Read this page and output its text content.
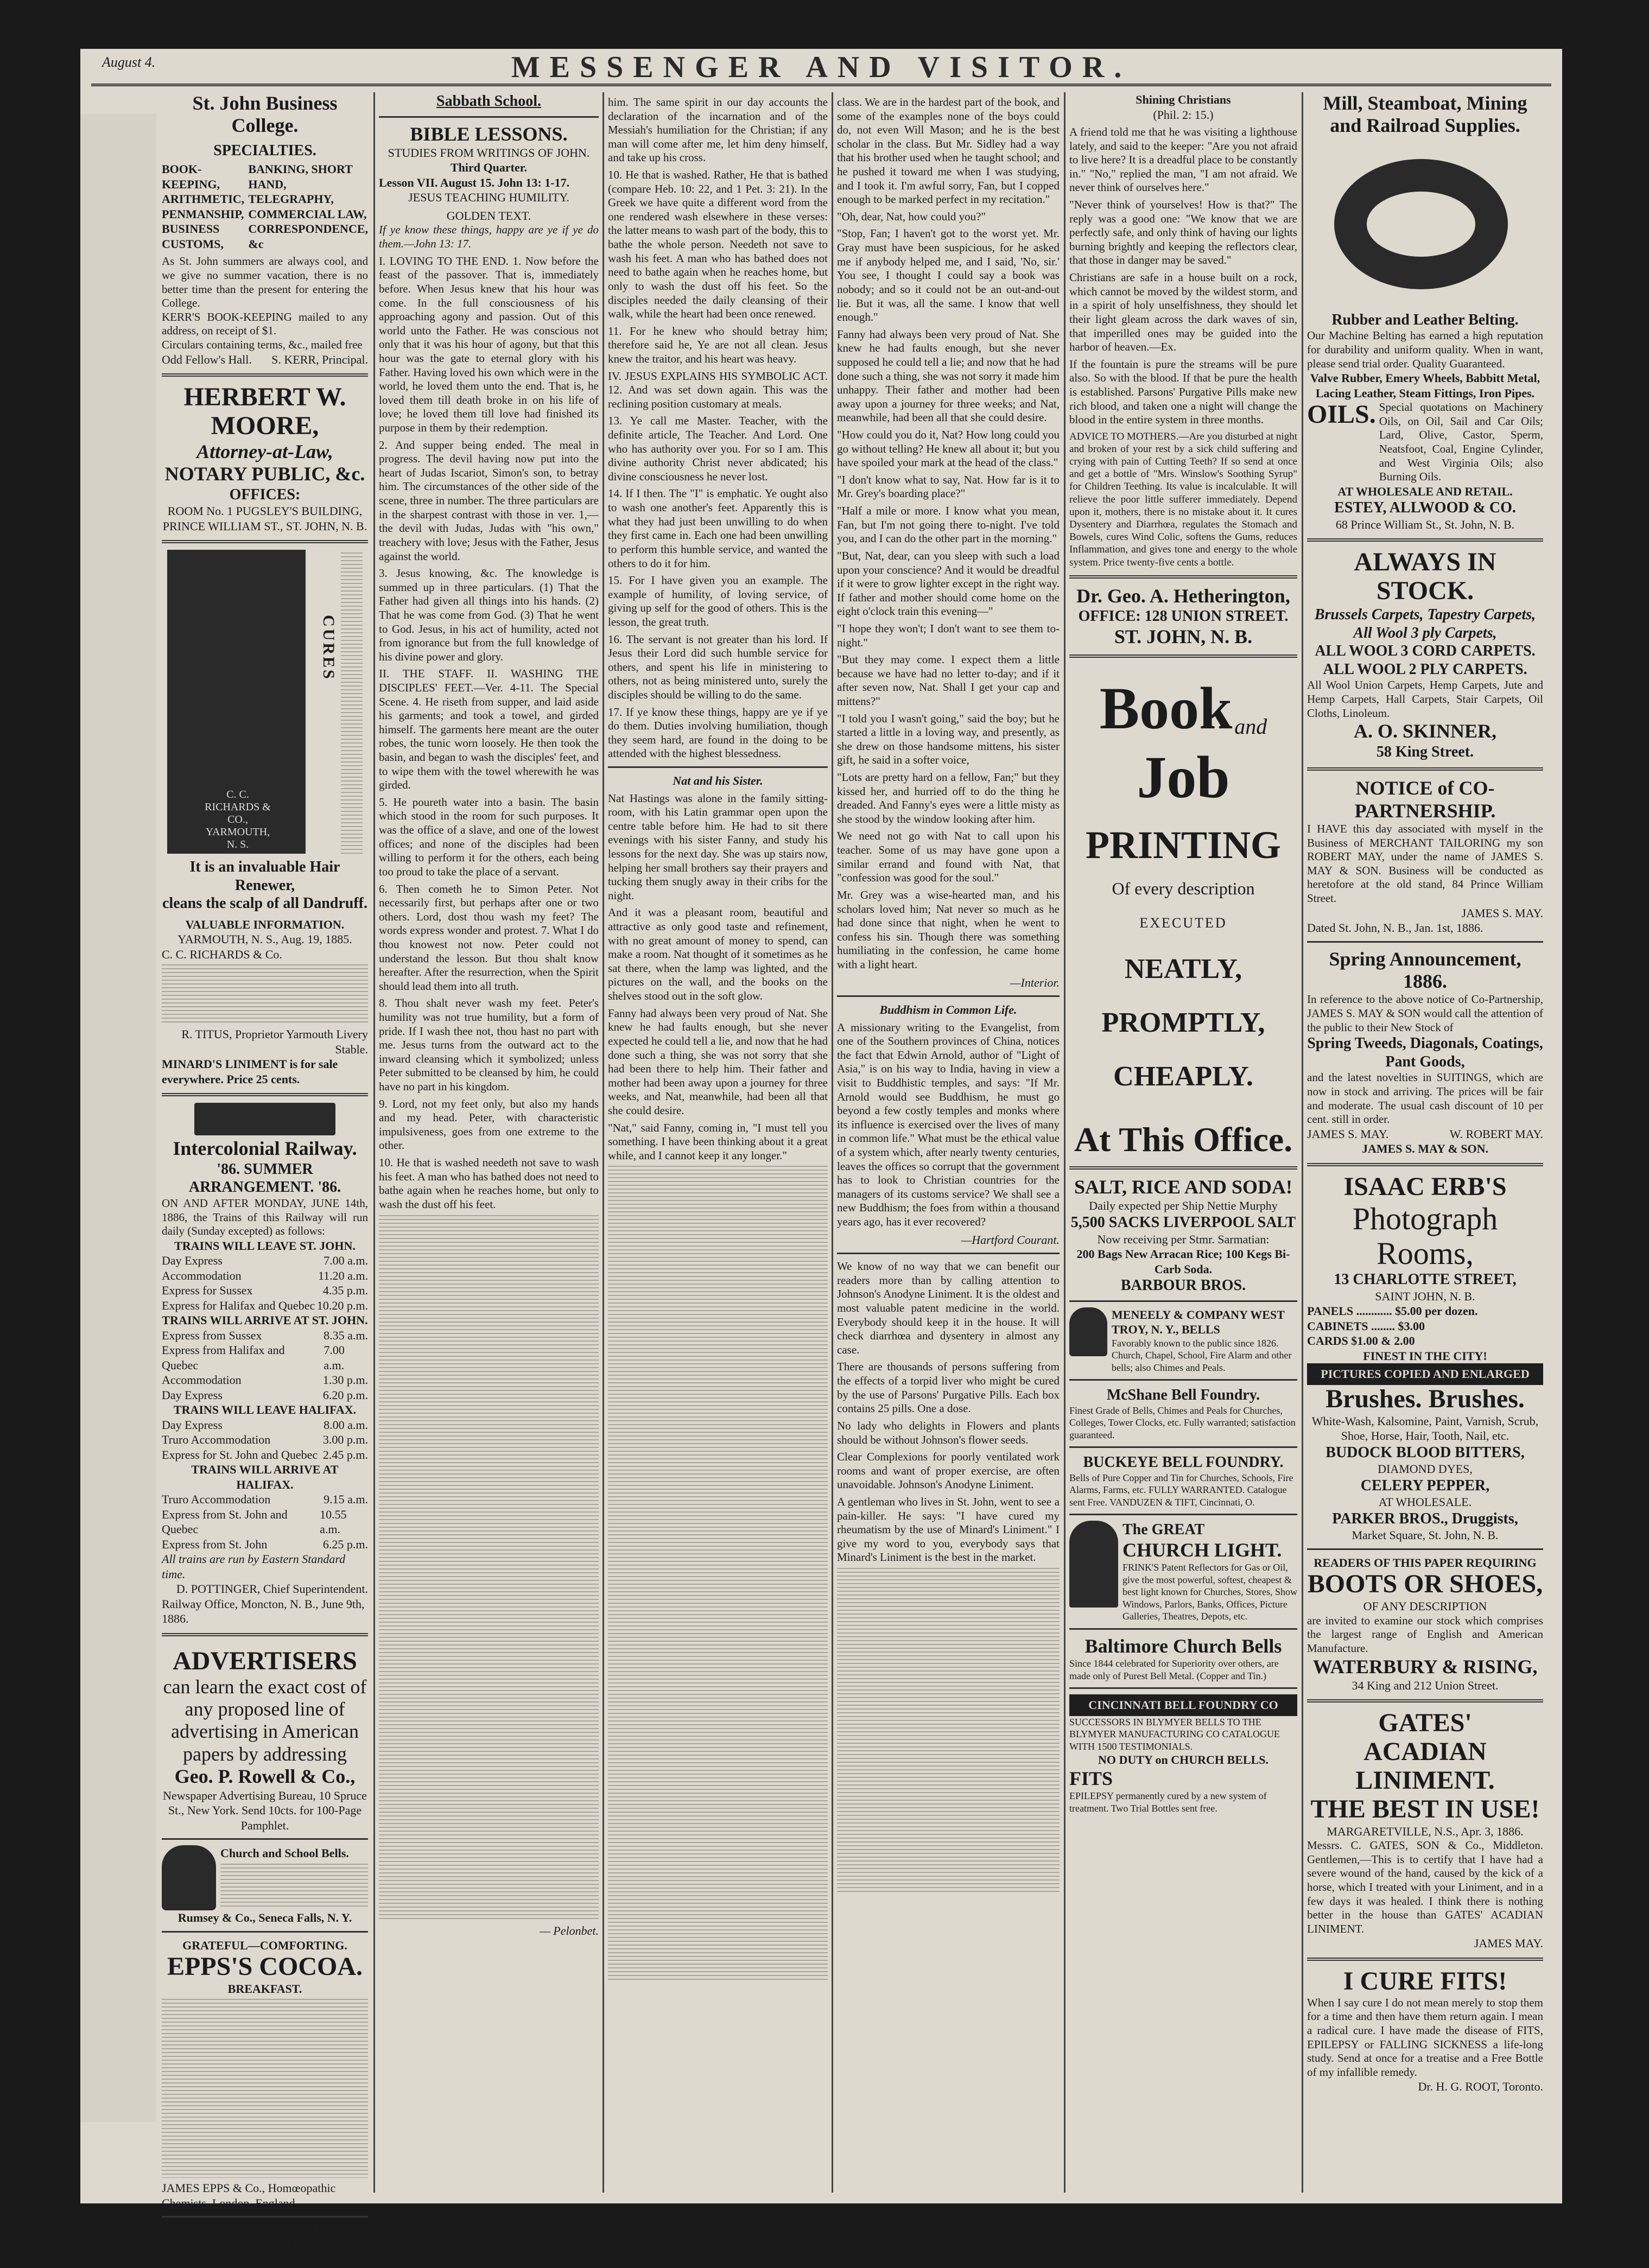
August 4.	MESSENGER AND VISITOR.
St. John Business College.
SPECIALTIES.
BOOK-KEEPING, ARITHMETIC, PENMANSHIP, BUSINESS CUSTOMS,
BANKING, SHORT HAND, TELEGRAPHY, COMMERCIAL LAW, CORRESPONDENCE, &c
As St. John summers are always cool, and we give no summer vacation, there is no better time than the present for entering the College.
KERR'S BOOK-KEEPING mailed to any address, on receipt of $1.
Circulars containing terms, &c., mailed free
Odd Fellow's Hall. S. KERR, Principal.
HERBERT W. MOORE,
Attorney-at-Law,
NOTARY PUBLIC, &c.
OFFICES:
ROOM No. 1 PUGSLEY'S BUILDING, PRINCE WILLIAM ST., ST. JOHN, N. B.
C. C. RICHARDS & CO., YARMOUTH, N. S.
CURES
It is an invaluable Hair Renewer,
cleans the scalp of all Dandruff.
VALUABLE INFORMATION.
YARMOUTH, N. S., Aug. 19, 1885.
C. C. RICHARDS & Co.
R. TITUS, Proprietor Yarmouth Livery Stable.
MINARD'S LINIMENT is for sale everywhere. Price 25 cents.
Intercolonial Railway.
'86. SUMMER ARRANGEMENT. '86.
ON AND AFTER MONDAY, JUNE 14th, 1886, the Trains of this Railway will run daily (Sunday excepted) as follows:
TRAINS WILL LEAVE ST. JOHN.
Day Express	7.00 a.m.
Accommodation	11.20 a.m.
Express for Sussex	4.35 p.m.
Express for Halifax and Quebec 10.20 p.m.
TRAINS WILL ARRIVE AT ST. JOHN.
Express from Sussex	8.35 a.m.
Express from Halifax and Quebec
7.00 a.m.
Accommodation	1.30 p.m.
Day Express	6.20 p.m.
TRAINS WILL LEAVE HALIFAX.
Day Express	8.00 a.m.
Truro Accommodation	3.00 p.m.
Express for St. John and Quebec 2.45 p.m.
TRAINS WILL ARRIVE AT HALIFAX.
Truro Accommodation	9.15 a.m.
Express from St. John and Quebec
10.55 a.m.
Express from St. John	6.25 p.m.
All trains are run by Eastern Standard time.
D. POTTINGER, Chief Superintendent.
Railway Office, Moncton, N. B., June 9th, 1886.
ADVERTISERS
can learn the exact cost of any proposed line of advertising in American papers by addressing
Geo. P. Rowell & Co.,
Newspaper Advertising Bureau, 10 Spruce St., New York. Send 10cts. for 100-Page Pamphlet.
Church and School Bells.
Rumsey & Co., Seneca Falls, N. Y.
GRATEFUL—COMFORTING.
EPPS'S COCOA.
BREAKFAST.
JAMES EPPS & Co., Homœopathic Chemists, London, England.
BOX OF GOLDEN NOVELTIES, 12 fast-selling articles, and 12 elegant
J. W. GRIFFITH, Portland, N. B.
Sabbath School.
BIBLE LESSONS.
STUDIES FROM WRITINGS OF JOHN.
Third Quarter.
Lesson VII. August 15. John 13: 1-17.
JESUS TEACHING HUMILITY.
GOLDEN TEXT.
If ye know these things, happy are ye if ye do them.—John 13: 17.
I. LOVING TO THE END. 1. Now before the feast of the passover. That is, immediately before. When Jesus knew that his hour was come. In the full consciousness of his approaching agony and passion. Out of this world unto the Father. He was conscious not only that it was his hour of agony, but that this hour was the gate to eternal glory with his Father. Having loved his own which were in the world, he loved them unto the end. That is, he loved them till death broke in on his life of love; he loved them till love had finished its purpose in them by their redemption.
2. And supper being ended. The meal in progress. The devil having now put into the heart of Judas Iscariot, Simon's son, to betray him. The circumstances of the other side of the scene, three in number. The three particulars are in the sharpest contrast with those in ver. 1,—the devil with Judas, Judas with "his own," treachery with love; Jesus with the Father, Jesus against the world.
3. Jesus knowing, &c. The knowledge is summed up in three particulars. (1) That the Father had given all things into his hands. (2) That he was come from God. (3) That he went to God. Jesus, in his act of humility, acted not from ignorance but from the full knowledge of his divine power and glory.
II. THE STAFF. II. WASHING THE DISCIPLES' FEET.—Ver. 4-11. The Special Scene. 4. He riseth from supper, and laid aside his garments; and took a towel, and girded himself. The garments here meant are the outer robes, the tunic worn loosely. He then took the basin, and began to wash the disciples' feet, and to wipe them with the towel wherewith he was girded.
5. He poureth water into a basin. The basin which stood in the room for such purposes. It was the office of a slave, and one of the lowest offices; and none of the disciples had been willing to perform it for the others, each being too proud to take the place of a servant.
6. Then cometh he to Simon Peter. Not necessarily first, but perhaps after one or two others. Lord, dost thou wash my feet? The words express wonder and protest. 7. What I do thou knowest not now. Peter could not understand the lesson. But thou shalt know hereafter. After the resurrection, when the Spirit should lead them into all truth.
8. Thou shalt never wash my feet. Peter's humility was not true humility, but a form of pride. If I wash thee not, thou hast no part with me. Jesus turns from the outward act to the inward cleansing which it symbolized; unless Peter submitted to be cleansed by him, he could have no part in his kingdom.
9. Lord, not my feet only, but also my hands and my head. Peter, with characteristic impulsiveness, goes from one extreme to the other.
10. He that is washed needeth not save to wash his feet. A man who has bathed does not need to bathe again when he reaches home, but only to wash the dust off his feet.
— Pelonbet.
him. The same spirit in our day accounts the declaration of the incarnation and of the Messiah's humiliation for the Christian; if any man will come after me, let him deny himself, and take up his cross.
10. He that is washed. Rather, He that is bathed (compare Heb. 10: 22, and 1 Pet. 3: 21). In the Greek we have quite a different word from the one rendered wash elsewhere in these verses: the latter means to wash part of the body, this to bathe the whole person. Needeth not save to wash his feet. A man who has bathed does not need to bathe again when he reaches home, but only to wash the dust off his feet. So the disciples needed the daily cleansing of their walk, while the heart had been once renewed.
11. For he knew who should betray him; therefore said he, Ye are not all clean. Jesus knew the traitor, and his heart was heavy.
IV. JESUS EXPLAINS HIS SYMBOLIC ACT. 12. And was set down again. This was the reclining position customary at meals.
13. Ye call me Master. Teacher, with the definite article, The Teacher. And Lord. One who has authority over you. For so I am. This divine authority Christ never abdicated; his divine consciousness he never lost.
14. If I then. The "I" is emphatic. Ye ought also to wash one another's feet. Apparently this is what they had just been unwilling to do when they first came in. Each one had been unwilling to perform this humble service, and wanted the others to do it for him.
15. For I have given you an example. The example of humility, of loving service, of giving up self for the good of others. This is the lesson, the great truth.
16. The servant is not greater than his lord. If Jesus their Lord did such humble service for others, and spent his life in ministering to others, not as being ministered unto, surely the disciples should be willing to do the same.
17. If ye know these things, happy are ye if ye do them. Duties involving humiliation, though they seem hard, are found in the doing to be attended with the highest blessedness.
Nat and his Sister.
Nat Hastings was alone in the family sitting-room, with his Latin grammar open upon the centre table before him. He had to sit there evenings with his sister Fanny, and study his lessons for the next day. She was up stairs now, helping her small brothers say their prayers and tucking them snugly away in their cribs for the night.
And it was a pleasant room, beautiful and attractive as only good taste and refinement, with no great amount of money to spend, can make a room. Nat thought of it sometimes as he sat there, when the lamp was lighted, and the pictures on the wall, and the books on the shelves stood out in the soft glow.
Fanny had always been very proud of Nat. She knew he had faults enough, but she never expected he could tell a lie, and now that he had done such a thing, she was not sorry that she had been there to help him. Their father and mother had been away upon a journey for three weeks, and Nat, meanwhile, had been all that she could desire.
"Nat," said Fanny, coming in, "I must tell you something. I have been thinking about it a great while, and I cannot keep it any longer."
class. We are in the hardest part of the book, and some of the examples none of the boys could do, not even Will Mason; and he is the best scholar in the class. But Mr. Sidley had a way that his brother used when he taught school; and he pushed it toward me when I was studying, and I took it. I'm awful sorry, Fan, but I copped enough to be marked perfect in my recitation."
"Oh, dear, Nat, how could you?"
"Stop, Fan; I haven't got to the worst yet. Mr. Gray must have been suspicious, for he asked me if anybody helped me, and I said, 'No, sir.' You see, I thought I could say a book was nobody; and so it could not be an out-and-out lie. But it was, all the same. I know that well enough."
Fanny had always been very proud of Nat. She knew he had faults enough, but she never supposed he could tell a lie; and now that he had done such a thing, she was not sorry it made him unhappy. Their father and mother had been away upon a journey for three weeks; and Nat, meanwhile, had been all that she could desire.
"How could you do it, Nat? How long could you go without telling? He knew all about it; but you have spoiled your mark at the head of the class."
"I don't know what to say, Nat. How far is it to Mr. Grey's boarding place?"
"Half a mile or more. I know what you mean, Fan, but I'm not going there to-night. I've told you, and I can do the other part in the morning."
"But, Nat, dear, can you sleep with such a load upon your conscience? And it would be dreadful if it were to grow lighter except in the right way. If father and mother should come home on the eight o'clock train this evening—"
"I hope they won't; I don't want to see them to-night."
"But they may come. I expect them a little because we have had no letter to-day; and if it after seven now, Nat. Shall I get your cap and mittens?"
"I told you I wasn't going," said the boy; but he started a little in a loving way, and presently, as she drew on those handsome mittens, his sister gift, he said in a softer voice,
"Lots are pretty hard on a fellow, Fan;" but they kissed her, and hurried off to do the thing he dreaded. And Fanny's eyes were a little misty as she stood by the window looking after him.
We need not go with Nat to call upon his teacher. Some of us may have gone upon a similar errand and found with Nat, that "confession was good for the soul."
Mr. Grey was a wise-hearted man, and his scholars loved him; Nat never so much as he had done since that night, when he went to confess his sin. Though there was something humiliating in the confession, he came home with a light heart.
—Interior.
Buddhism in Common Life.
A missionary writing to the Evangelist, from one of the Southern provinces of China, notices the fact that Edwin Arnold, author of "Light of Asia," is on his way to India, having in view a visit to Buddhistic temples, and says: "If Mr. Arnold would see Buddhism, he must go beyond a few costly temples and monks where its influence is exercised over the lives of many in common life." What must be the ethical value of a system which, after nearly twenty centuries, leaves the offices so corrupt that the government has to look to Christian countries for the managers of its customs service? We shall see a new Buddhism; the foes from within a thousand years ago, has it ever recovered?
—Hartford Courant.
We know of no way that we can benefit our readers more than by calling attention to Johnson's Anodyne Liniment. It is the oldest and most valuable patent medicine in the world. Everybody should keep it in the house. It will check diarrhœa and dysentery in almost any case.
There are thousands of persons suffering from the effects of a torpid liver who might be cured by the use of Parsons' Purgative Pills. Each box contains 25 pills. One a dose.
No lady who delights in Flowers and plants should be without Johnson's flower seeds.
Clear Complexions for poorly ventilated work rooms and want of proper exercise, are often unavoidable. Johnson's Anodyne Liniment.
A gentleman who lives in St. John, went to see a pain-killer. He says: "I have cured my rheumatism by the use of Minard's Liniment." I give my word to you, everybody says that Minard's Liniment is the best in the market.
Shining Christians
(Phil. 2: 15.)
A friend told me that he was visiting a lighthouse lately, and said to the keeper: "Are you not afraid to live here? It is a dreadful place to be constantly in." "No," replied the man, "I am not afraid. We never think of ourselves here."
"Never think of yourselves! How is that?" The reply was a good one: "We know that we are perfectly safe, and only think of having our lights burning brightly and keeping the reflectors clear, that those in danger may be saved."
Christians are safe in a house built on a rock, which cannot be moved by the wildest storm, and in a spirit of holy unselfishness, they should let their light gleam across the dark waves of sin, that imperilled ones may be guided into the harbor of heaven.—Ex.
If the fountain is pure the streams will be pure also. So with the blood. If that be pure the health is established. Parsons' Purgative Pills make new rich blood, and taken one a night will change the blood in the entire system in three months.
ADVICE TO MOTHERS.—Are you disturbed at night and broken of your rest by a sick child suffering and crying with pain of Cutting Teeth? If so send at once and get a bottle of "Mrs. Winslow's Soothing Syrup" for Children Teething. Its value is incalculable. It will relieve the poor little sufferer immediately. Depend upon it, mothers, there is no mistake about it. It cures Dysentery and Diarrhœa, regulates the Stomach and Bowels, cures Wind Colic, softens the Gums, reduces Inflammation, and gives tone and energy to the whole system. Price twenty-five cents a bottle.
Dr. Geo. A. Hetherington,
OFFICE: 128 UNION STREET.
ST. JOHN, N. B.
Book and Job
PRINTING
Of every description
EXECUTED
NEATLY,
PROMPTLY,
CHEAPLY.
At This Office.
SALT, RICE AND SODA!
Daily expected per Ship Nettie Murphy
5,500 SACKS LIVERPOOL SALT
Now receiving per Stmr. Sarmatian:
200 Bags New Arracan Rice; 100 Kegs Bi-Carb Soda.
BARBOUR BROS.
MENEELY & COMPANY WEST TROY, N. Y., BELLS
Favorably known to the public since 1826. Church, Chapel, School, Fire Alarm and other bells; also Chimes and Peals.
McShane Bell Foundry.
Finest Grade of Bells, Chimes and Peals for Churches, Colleges, Tower Clocks, etc. Fully warranted; satisfaction guaranteed.
BUCKEYE BELL FOUNDRY.
Bells of Pure Copper and Tin for Churches, Schools, Fire Alarms, Farms, etc. FULLY WARRANTED. Catalogue sent Free. VANDUZEN & TIFT, Cincinnati, O.
The GREAT
CHURCH LIGHT.
FRINK'S Patent Reflectors for Gas or Oil, give the most powerful, softest, cheapest & best light known for Churches, Stores, Show Windows, Parlors, Banks, Offices, Picture Galleries, Theatres, Depots, etc.
Baltimore Church Bells
Since 1844 celebrated for Superiority over others, are made only of Purest Bell Metal. (Copper and Tin.)
CINCINNATI BELL FOUNDRY CO
SUCCESSORS IN BLYMYER BELLS TO THE BLYMYER MANUFACTURING CO CATALOGUE WITH 1500 TESTIMONIALS.
NO DUTY on CHURCH BELLS.
FITS
EPILEPSY permanently cured by a new system of treatment. Two Trial Bottles sent free.
Mill, Steamboat, Mining and Railroad Supplies.
Rubber and Leather Belting.
Our Machine Belting has earned a high reputation for durability and uniform quality. When in want, please send trial order. Quality Guaranteed.
Valve Rubber, Emery Wheels, Babbitt Metal, Lacing Leather, Steam Fittings, Iron Pipes.
OILS. Special quotations on Machinery Oils, on Oil, Sail and Car Oils; Lard, Olive, Castor, Sperm, Neatsfoot, Coal, Engine Cylinder, and West Virginia Oils; also Burning Oils.
AT WHOLESALE AND RETAIL.
ESTEY, ALLWOOD & CO.
68 Prince William St., St. John, N. B.
ALWAYS IN STOCK.
Brussels Carpets, Tapestry Carpets, All Wool 3 ply Carpets,
ALL WOOL 3 CORD CARPETS.
ALL WOOL 2 PLY CARPETS.
All Wool Union Carpets, Hemp Carpets, Jute and Hemp Carpets, Hall Carpets, Stair Carpets, Oil Cloths, Linoleum.
A. O. SKINNER,
58 King Street.
NOTICE of CO-PARTNERSHIP.
I HAVE this day associated with myself in the Business of MERCHANT TAILORING my son ROBERT MAY, under the name of JAMES S. MAY & SON. Business will be conducted as heretofore at the old stand, 84 Prince William Street.
JAMES S. MAY.
Dated St. John, N. B., Jan. 1st, 1886.
Spring Announcement, 1886.
In reference to the above notice of Co-Partnership, JAMES S. MAY & SON would call the attention of the public to their New Stock of
Spring Tweeds, Diagonals, Coatings, Pant Goods,
and the latest novelties in SUITINGS, which are now in stock and arriving. The prices will be fair and moderate. The usual cash discount of 10 per cent. still in order.
JAMES S. MAY.	W. ROBERT MAY.
JAMES S. MAY & SON.
ISAAC ERB'S
Photograph Rooms,
13 CHARLOTTE STREET,
SAINT JOHN, N. B.
PANELS ............ $5.00 per dozen.
CABINETS ........ $3.00
CARDS $1.00 & 2.00
FINEST IN THE CITY!
PICTURES COPIED AND ENLARGED
Brushes. Brushes.
White-Wash, Kalsomine, Paint, Varnish, Scrub, Shoe, Horse, Hair, Tooth, Nail, etc.
BUDOCK BLOOD BITTERS,
DIAMOND DYES,
CELERY PEPPER,
AT WHOLESALE.
PARKER BROS., Druggists,
Market Square, St. John, N. B.
READERS OF THIS PAPER REQUIRING
BOOTS OR SHOES,
OF ANY DESCRIPTION
are invited to examine our stock which comprises the largest range of English and American Manufacture.
WATERBURY & RISING,
34 King and 212 Union Street.
GATES'
ACADIAN LINIMENT.
THE BEST IN USE!
MARGARETVILLE, N.S., Apr. 3, 1886.
Messrs. C. GATES, SON & Co., Middleton. Gentlemen,—This is to certify that I have had a severe wound of the hand, caused by the kick of a horse, which I treated with your Liniment, and in a few days it was healed. I think there is nothing better in the house than GATES' ACADIAN LINIMENT.
JAMES MAY.
I CURE FITS!
When I say cure I do not mean merely to stop them for a time and then have them return again. I mean a radical cure. I have made the disease of FITS, EPILEPSY or FALLING SICKNESS a life-long study. Send at once for a treatise and a Free Bottle of my infallible remedy.
Dr. H. G. ROOT, Toronto.
